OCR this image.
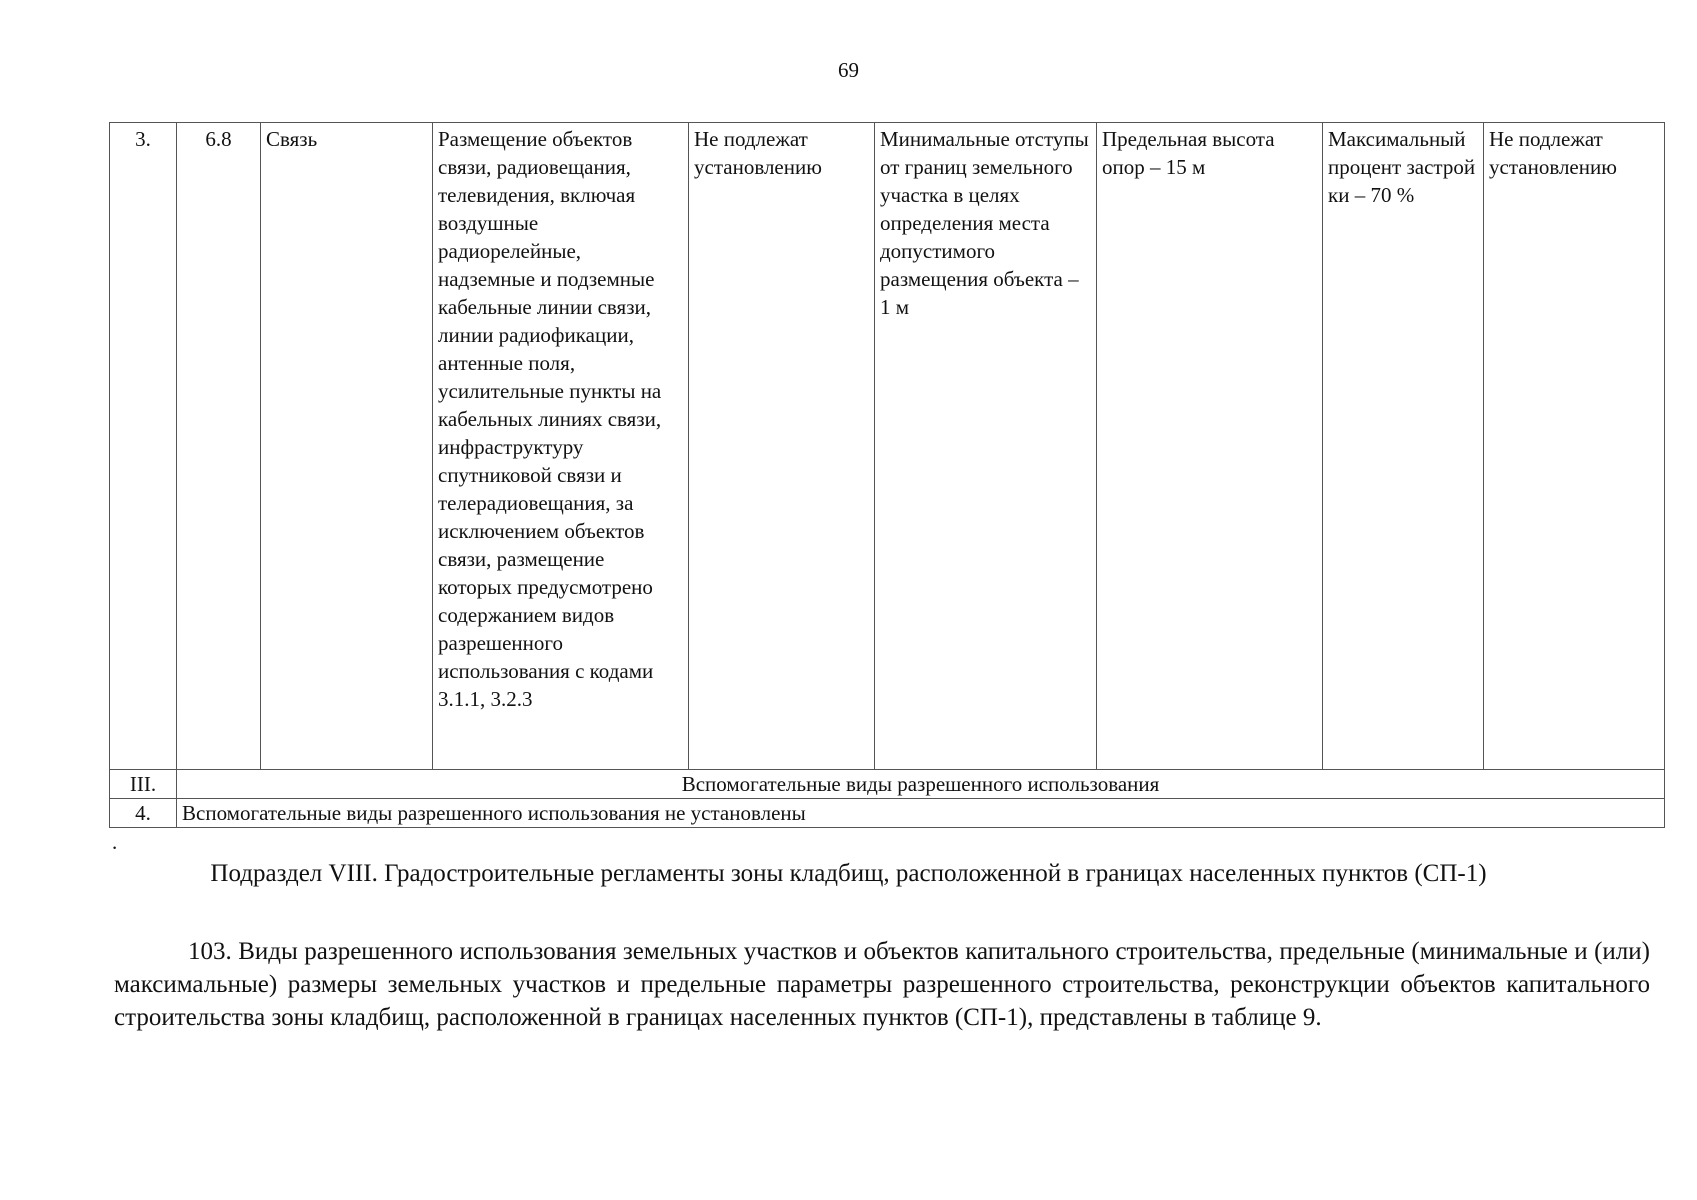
69
3.	6.8	Связь	Размещение объектов связи, радиовещания, телевидения, включая воздушные радиорелейные, надземные и подземные кабельные линии связи, линии радиофикации, антенные поля, усилительные пункты на кабельных линиях связи, инфраструктуру спутниковой связи и телерадиовещания, за исключением объектов связи, размещение которых предусмотрено содержанием видов разрешенного использования с кодами 3.1.1, 3.2.3	Не подлежат установлению	Минимальные отступы от границ земельного участка в целях определения места допустимого размещения объекта – 1 м	Предельная высота опор – 15 м	Максимальный процент застройки – 70 %	Не подлежат установлению
III.	Вспомогательные виды разрешенного использования							
4.	Вспомогательные виды разрешенного использования не установлены							
.
Подраздел VIII. Градостроительные регламенты зоны кладбищ, расположенной в границах населенных пунктов (СП-1)

103. Виды разрешенного использования земельных участков и объектов капитального строительства, предельные (минимальные и (или) максимальные) размеры земельных участков и предельные параметры разрешенного строительства, реконструкции объектов капитального строительства зоны кладбищ, расположенной в границах населенных пунктов (СП-1), представлены в таблице 9.
